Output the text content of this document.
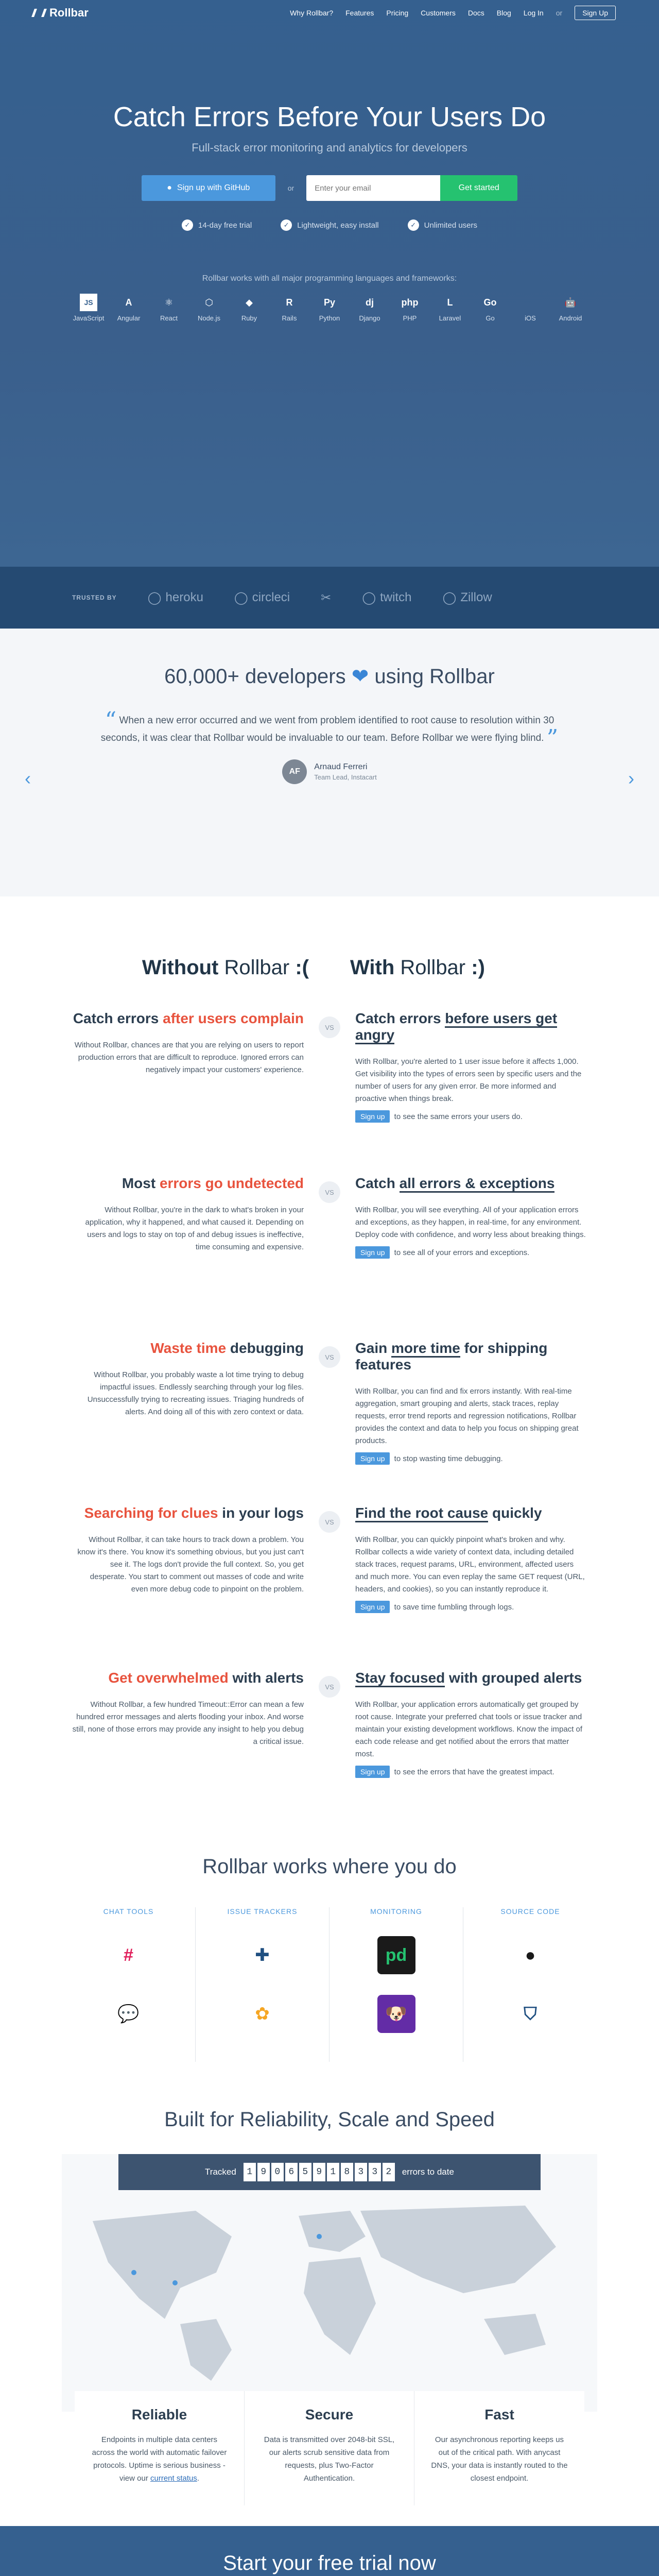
Rollbar	Why Rollbar? Features Pricing Customers Docs Blog Log In or	Sign Up
Catch Errors Before Your Users Do

Full-stack error monitoring and analytics for developers

● Sign up with GitHub	or
Enter your email	Get started
✓	14-day free trial	✓	Lightweight, easy install	✓	Unlimited users

Rollbar works with all major programming languages and frameworks:

JS
JavaScript
A
Angular
⚛
React
⬡
Node.js
◆
Ruby
R
Rails
Py
Python
dj
Django
php
PHP
L
Laravel
Go
Go	iOS
🤖
Android
TRUSTED BY	◯ heroku	◯ circleci	✂	◯ twitch	◯ Zillow
60,000+ developers ❤ using Rollbar
‹	›

“ When a new error occurred and we went from problem identified to root cause to resolution within 30 seconds, it was clear that Rollbar would be invaluable to our team. Before Rollbar we were flying blind. ”

AF
Arnaud Ferreri
Team Lead, Instacart
Without Rollbar :(	With Rollbar :)
Catch errors after users complain

Without Rollbar, chances are that you are relying on users to report production errors that are difficult to reproduce. Ignored errors can negatively impact your customers' experience.

Catch errors before users get angry

With Rollbar, you're alerted to 1 user issue before it affects 1,000. Get visibility into the types of errors seen by specific users and the number of users for any given error. Be more informed and proactive when things break.

Sign up to see the same errors your users do.

VS
Most errors go undetected

Without Rollbar, you're in the dark to what's broken in your application, why it happened, and what caused it. Depending on users and logs to stay on top of and debug issues is ineffective, time consuming and expensive.

Catch all errors & exceptions

With Rollbar, you will see everything. All of your application errors and exceptions, as they happen, in real-time, for any environment. Deploy code with confidence, and worry less about breaking things.

Sign up to see all of your errors and exceptions.

VS
Waste time debugging

Without Rollbar, you probably waste a lot time trying to debug impactful issues. Endlessly searching through your log files. Unsuccessfully trying to recreating issues. Triaging hundreds of alerts. And doing all of this with zero context or data.

Gain more time for shipping features

With Rollbar, you can find and fix errors instantly. With real-time aggregation, smart grouping and alerts, stack traces, replay requests, error trend reports and regression notifications, Rollbar provides the context and data to help you focus on shipping great products.

Sign up to stop wasting time debugging.

VS
Searching for clues in your logs

Without Rollbar, it can take hours to track down a problem. You know it's there. You know it's something obvious, but you just can't see it. The logs don't provide the full context. So, you get desperate. You start to comment out masses of code and write even more debug code to pinpoint on the problem.

Find the root cause quickly

With Rollbar, you can quickly pinpoint what's broken and why. Rollbar collects a wide variety of context data, including detailed stack traces, request params, URL, environment, affected users and much more. You can even replay the same GET request (URL, headers, and cookies), so you can instantly reproduce it.

Sign up to save time fumbling through logs.

VS
Get overwhelmed with alerts

Without Rollbar, a few hundred Timeout::Error can mean a few hundred error messages and alerts flooding your inbox. And worse still, none of those errors may provide any insight to help you debug a critical issue.

Stay focused with grouped alerts

With Rollbar, your application errors automatically get grouped by root cause. Integrate your preferred chat tools or issue tracker and maintain your existing development workflows. Know the impact of each code release and get notified about the errors that matter most.

Sign up to see the errors that have the greatest impact.

VS
Rollbar works where you do
CHAT TOOLS
#
💬
ISSUE TRACKERS
✚
✿
MONITORING
pd
🐶
SOURCE CODE
●
⛉
Built for Reliability, Scale and Speed
Tracked	1 9 0 6 5 9 1 8 3 3 2	errors to date
Reliable

Endpoints in multiple data centers across the world with automatic failover protocols. Uptime is serious business - view our current status.

Secure

Data is transmitted over 2048-bit SSL, our alerts scrub sensitive data from requests, plus Two-Factor Authentication.

Fast

Our asynchronous reporting keeps us out of the critical path. With anycast DNS, your data is instantly routed to the closest endpoint.

Start your free trial now
